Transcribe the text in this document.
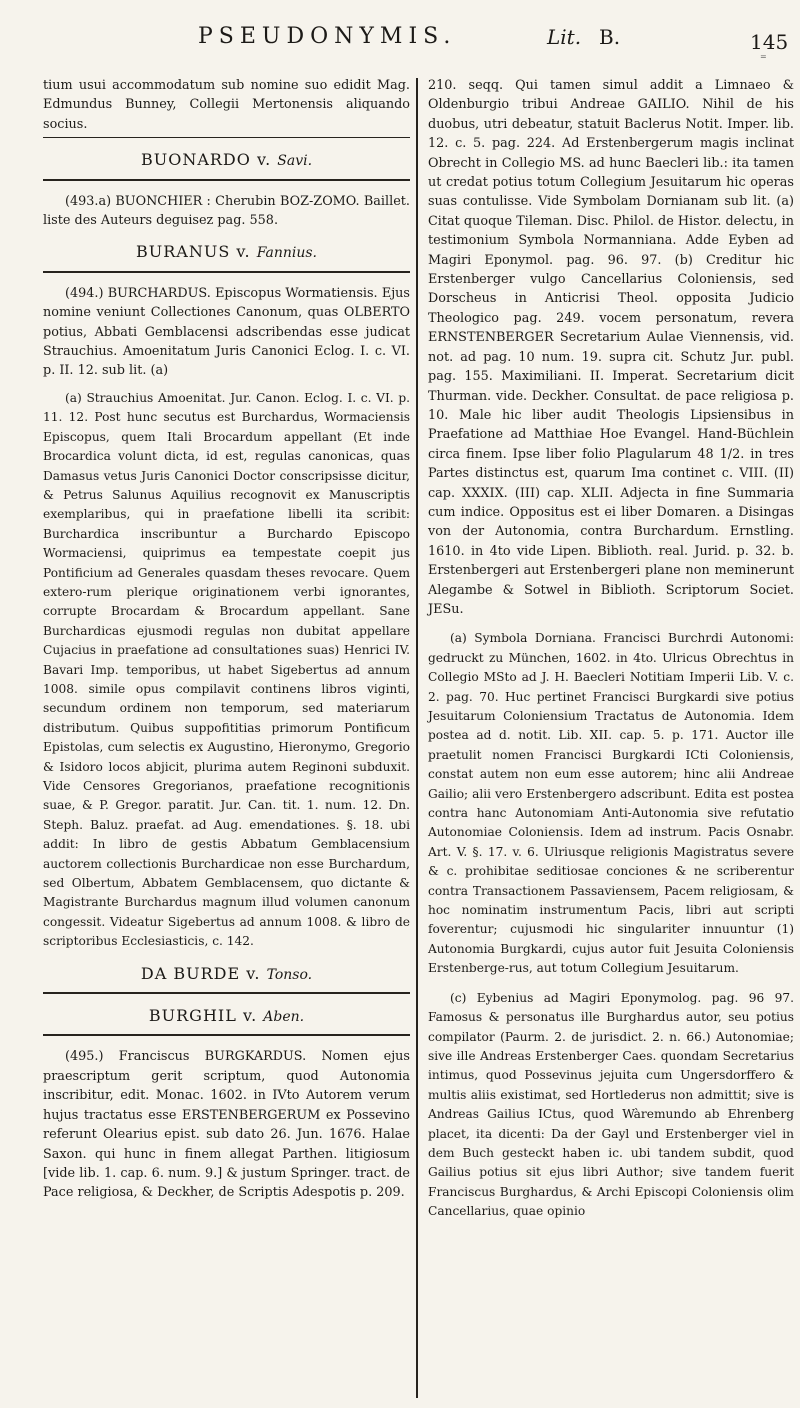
PSEUDONYMIS.	Lit. B.	145
=

tium usui accommodatum sub nomine suo edidit Mag. Edmundus Bunney, Collegii Mertonensis aliquando socius.

BUONARDO v. Savi.

(493.a) BUONCHIER : Cherubin BOZ-ZOMO. Baillet. liste des Auteurs deguisez pag. 558.

BURANUS v. Fannius.

(494.) BURCHARDUS. Episcopus Wormatiensis. Ejus nomine veniunt Collectiones Canonum, quas OLBERTO potius, Abbati Gemblacensi adscribendas esse judicat Strauchius. Amoenitatum Juris Canonici Eclog. I. c. VI. p. II. 12. sub lit. (a)

(a) Strauchius Amoenitat. Jur. Canon. Eclog. I. c. VI. p. 11. 12. Post hunc secutus est Burchardus, Wormaciensis Episcopus, quem Itali Brocardum appellant (Et inde Brocardica volunt dicta, id est, regulas canonicas, quas Damasus vetus Juris Canonici Doctor conscripsisse dicitur, & Petrus Salunus Aquilius recognovit ex Manuscriptis exemplaribus, qui in praefatione libelli ita scribit: Burchardica inscribuntur a Burchardo Episcopo Wormaciensi, quiprimus ea tempestate coepit jus Pontificium ad Generales quasdam theses revocare. Quem extero-rum plerique originationem verbi ignorantes, corrupte Brocardam & Brocardum appellant. Sane Burchardicas ejusmodi regulas non dubitat appellare Cujacius in praefatione ad consultationes suas) Henrici IV. Bavari Imp. temporibus, ut habet Sigebertus ad annum 1008. simile opus compilavit continens libros viginti, secundum ordinem non temporum, sed materiarum distributum. Quibus suppofititias primorum Pontificum Epistolas, cum selectis ex Augustino, Hieronymo, Gregorio & Isidoro locos abjicit, plurima autem Reginoni subduxit. Vide Censores Gregorianos, praefatione recognitionis suae, & P. Gregor. paratit. Jur. Can. tit. 1. num. 12. Dn. Steph. Baluz. praefat. ad Aug. emendationes. §. 18. ubi addit: In libro de gestis Abbatum Gemblacensium auctorem collectionis Burchardicae non esse Burchardum, sed Olbertum, Abbatem Gemblacensem, quo dictante & Magistrante Burchardus magnum illud volumen canonum congessit. Videatur Sigebertus ad annum 1008. & libro de scriptoribus Ecclesiasticis, c. 142.

DA BURDE v. Tonso.
BURGHIL v. Aben.

(495.) Franciscus BURGKARDUS. Nomen ejus praescriptum gerit scriptum, quod Autonomia inscribitur, edit. Monac. 1602. in IVto Autorem verum hujus tractatus esse ERSTENBERGERUM ex Possevino referunt Olearius epist. sub dato 26. Jun. 1676. Halae Saxon. qui hunc in finem allegat Parthen. litigiosum [vide lib. 1. cap. 6. num. 9.] & justum Springer. tract. de Pace religiosa, & Deckher, de Scriptis Adespotis p. 209.

210. seqq. Qui tamen simul addit a Limnaeo & Oldenburgio tribui Andreae GAILIO. Nihil de his duobus, utri debeatur, statuit Baclerus Notit. Imper. lib. 12. c. 5. pag. 224. Ad Erstenbergerum magis inclinat Obrecht in Collegio MS. ad hunc Baecleri lib.: ita tamen ut credat potius totum Collegium Jesuitarum hic operas suas contulisse. Vide Symbolam Dornianam sub lit. (a) Citat quoque Tileman. Disc. Philol. de Histor. delectu, in testimonium Symbola Normanniana. Adde Eyben ad Magiri Eponymol. pag. 96. 97. (b) Creditur hic Erstenberger vulgo Cancellarius Coloniensis, sed Dorscheus in Anticrisi Theol. opposita Judicio Theologico pag. 249. vocem personatum, revera ERNSTENBERGER Secretarium Aulae Viennensis, vid. not. ad pag. 10 num. 19. supra cit. Schutz Jur. publ. pag. 155. Maximiliani. II. Imperat. Secretarium dicit Thurman. vide. Deckher. Consultat. de pace religiosa p. 10. Male hic liber audit Theologis Lipsiensibus in Praefatione ad Matthiae Hoe Evangel. Hand-Büchlein circa finem. Ipse liber folio Plagularum 48 1/2. in tres Partes distinctus est, quarum Ima continet c. VIII. (II) cap. XXXIX. (III) cap. XLII. Adjecta in fine Summaria cum indice. Oppositus est ei liber Domaren. a Disingas von der Autonomia, contra Burchardum. Ernstling. 1610. in 4to vide Lipen. Biblioth. real. Jurid. p. 32. b. Erstenbergeri aut Erstenbergeri plane non meminerunt Alegambe & Sotwel in Biblioth. Scriptorum Societ. JESu.

(a) Symbola Dorniana. Francisci Burchrdi Autonomi: gedruckt zu München, 1602. in 4to. Ulricus Obrechtus in Collegio MSto ad J. H. Baecleri Notitiam Imperii Lib. V. c. 2. pag. 70. Huc pertinet Francisci Burgkardi sive potius Jesuitarum Coloniensium Tractatus de Autonomia. Idem postea ad d. notit. Lib. XII. cap. 5. p. 171. Auctor ille praetulit nomen Francisci Burgkardi ICti Coloniensis, constat autem non eum esse autorem; hinc alii Andreae Gailio; alii vero Erstenbergero adscribunt. Edita est postea contra hanc Autonomiam Anti-Autonomia sive refutatio Autonomiae Coloniensis. Idem ad instrum. Pacis Osnabr. Art. V. §. 17. v. 6. Ulriusque religionis Magistratus severe & c. prohibitae seditiosae conciones & ne scriberentur contra Transactionem Passaviensem, Pacem religiosam, & hoc nominatim instrumentum Pacis, libri aut scripti foverentur; cujusmodi hic singulariter innuuntur (1) Autonomia Burgkardi, cujus autor fuit Jesuita Coloniensis Erstenberge-rus, aut totum Collegium Jesuitarum.

(c) Eybenius ad Magiri Eponymolog. pag. 96 97. Famosus & personatus ille Burghardus autor, seu potius compilator (Paurm. 2. de jurisdict. 2. n. 66.) Autonomiae; sive ille Andreas Erstenberger Caes. quondam Secretarius intimus, quod Possevinus jejuita cum Ungersdorffero & multis aliis existimat, sed Hortlederus non admittit; sive is Andreas Gailius ICtus, quod Wàremundo ab Ehrenberg placet, ita dicenti: Da der Gayl und Erstenberger viel in dem Buch gesteckt haben ic. ubi tandem subdit, quod Gailius potius sit ejus libri Author; sive tandem fuerit Franciscus Burghardus, & Archi Episcopi Coloniensis olim Cancellarius, quae opinio
